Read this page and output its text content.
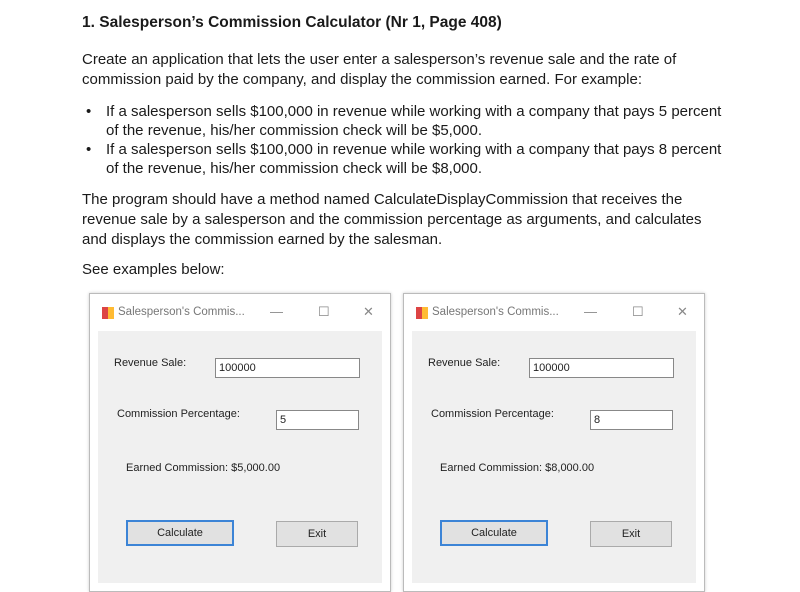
1. Salesperson’s Commission Calculator (Nr 1, Page 408)

Create an application that lets the user enter a salesperson’s revenue sale and the rate of commission paid by the company, and display the commission earned. For example:

• If a salesperson sells $100,000 in revenue while working with a company that pays 5 percent of the revenue, his/her commission check will be $5,000.
• If a salesperson sells $100,000 in revenue while working with a company that pays 8 percent of the revenue, his/her commission check will be $8,000.

The program should have a method named CalculateDisplayCommission that receives the revenue sale by a salesperson and the commission percentage as arguments, and calculates and displays the commission earned by the salesman.

See examples below:

Salesperson's Commis... —	☐	✕
Revenue Sale:	100000
Commission Percentage:	5
Earned Commission: $5,000.00
Calculate	Exit
Salesperson's Commis... —	☐	✕
Revenue Sale:	100000
Commission Percentage:	8
Earned Commission: $8,000.00
Calculate	Exit
